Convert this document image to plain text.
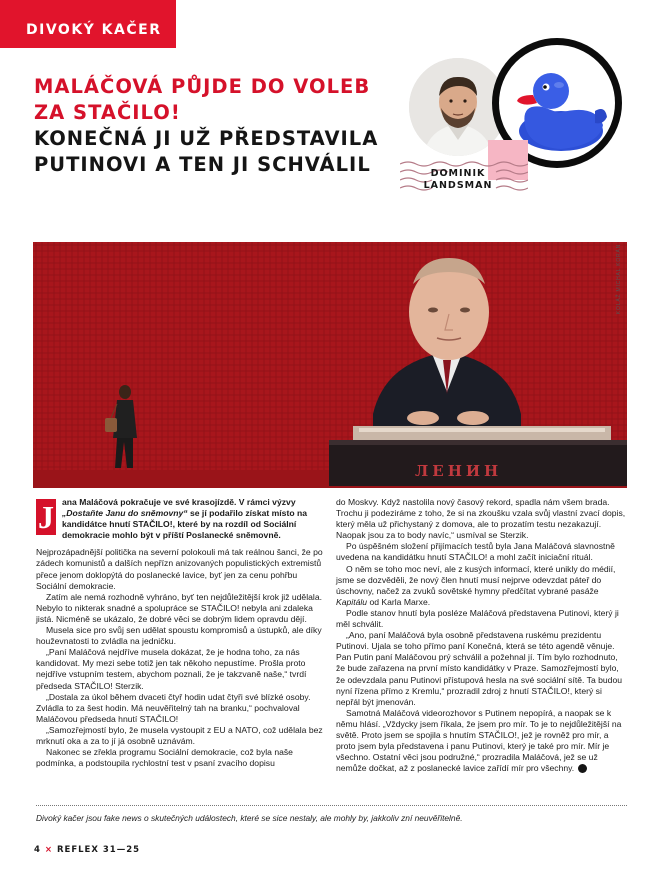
DIVOKÝ KAČER
MALÁČOVÁ PŮJDE DO VOLEB ZA STAČILO!
KONEČNÁ JI UŽ PŘEDSTAVILA PUTINOVI A TEN JI SCHVÁLIL	DOMINIK
LANDSMAN
ЛЕНИН
KOLÁŽ MICHAL KORÁN
J ana Maláčová pokračuje ve své krasojízdě. V rámci výzvy „Dostaňte Janu do sněmovny“ se jí podařilo získat místo na kandidátce hnutí STAČILO!, které by na rozdíl od Sociální demokracie mohlo být v příští Poslanecké sněmovně.

Nejprozápadnější političkа na severní polokouli má tak reálnou šanci, že po zádech komunistů a dalších nepřízn anizovaných populistických extremistů přece jenom doklopýtá do poslanecké lavice, byť jen za cenu pohřbu Sociální demokracie.

Zatím ale nemá rozhodně vyhráno, byť ten nejdůležitější krok již udělala. Nebylo to nikterak snadné a spolupráce se STAČILO! nebyla ani zdaleka jistá. Nicméně se ukázalo, že dobré věci se dobrým lidem opravdu dějí.

Musela sice pro svůj sen udělat spoustu kompromisů a ústupků, ale díky houževnatosti to zvládla na jedničku.

„Paní Maláčová nejdříve musela dokázat, že je hodna toho, za nás kandidovat. My mezi sebe totiž jen tak někoho nepustíme. Prošla proto nejdříve vstupním testem, abychom poznali, že je takzvaně naše,“ tvrdí předseda STAČILO! Sterzik.

„Dostala za úkol během dvaceti čtyř hodin udat čtyři své blízké osoby. Zvládla to za šest hodin. Má neuvěřitelný tah na branku,“ pochvaloval Maláčovou předseda hnutí STAČILO!

„Samozřejmostí bylo, že musela vystoupit z EU a NATO, což udělala bez mrknutí oka a za to jí já osobně uznávám.

Nakonec se zřekla programu Sociální demokracie, což byla naše podmínka, a podstoupila rychlostní test v psaní zvacího dopisu

do Moskvy. Když nastolila nový časový rekord, spadla nám všem brada. Trochu ji podeziráme z toho, že si na zkoušku vzala svůj vlastní zvací dopis, který měla už přichystaný z domova, ale to prozatím testu nezakazují. Naopak jsou za to body navíc,“ usmíval se Sterzik.

Po úspěšném složení přijímacích testů byla Jana Maláčová slavnostně uvedena na kandidátku hnutí STAČILO! a mohl začít iniciační rituál.

O něm se toho moc neví, ale z kusých informací, které unikly do médií, jsme se dozvěděli, že nový člen hnutí musí nejprve odevzdat páteř do úschovny, načež za zvuků sovětské hymny předčítat vybrané pasáže Kapitálu od Karla Marxe.

Podle stanov hnutí byla posléze Maláčová představena Putinovi, který ji měl schválit.

„Ano, paní Maláčová byla osobně představena ruskému prezidentu Putinovi. Ujala se toho přímo paní Konečná, která se této agendě věnuje. Pan Putin paní Maláčovou prý schválil a požehnal jí. Tím bylo rozhodnuto, že bude zařazena na první místo kandidátky v Praze. Samozřejmostí bylo, že odevzdala panu Putinovi přístupová hesla na své sociální sítě. Ta budou nyní řízena přímo z Kremlu,“ prozradil zdroj z hnutí STAČILO!, který si nepřál být jmenován.

Samotná Maláčová videorozhovor s Putinem nepopírá, a naopak se k němu hlásí. „Vždycky jsem říkala, že jsem pro mír. To je to nejdůležitější na světě. Proto jsem se spojila s hnutím STAČILO!, jež je rovněž pro mír, a proto jsem byla představena i panu Putinovi, který je také pro mír. Mír je všechno. Ostatní věci jsou podružné,“ prozradila Maláčová, jež se už nemůže dočkat, až z poslanecké lavice zařídí mír pro všechny. ✕

Divoký kačer jsou fake news o skutečných událostech, které se sice nestaly, ale mohly by, jakkoliv zní neuvěřitelně.
4 × REFLEX 31—25
